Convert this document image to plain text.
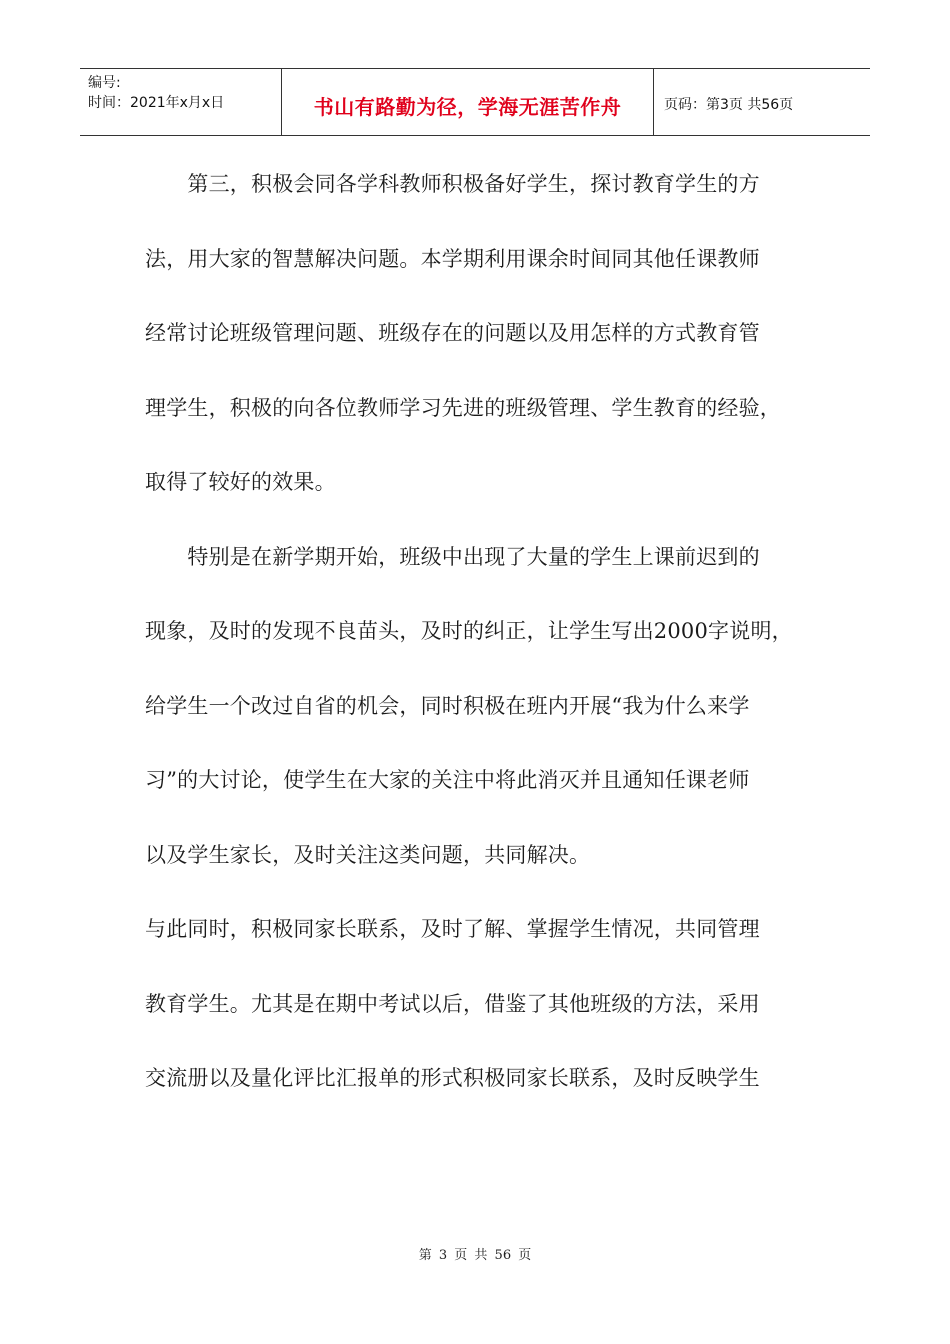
编号:
时间：2021年x月x日	书山有路勤为径，学海无涯苦作舟	页码：第3页 共56页
　　第三，积极会同各学科教师积极备好学生，探讨教育学生的方
法，用大家的智慧解决问题。本学期利用课余时间同其他任课教师
经常讨论班级管理问题、班级存在的问题以及用怎样的方式教育管
理学生，积极的向各位教师学习先进的班级管理、学生教育的经验，
取得了较好的效果。
　　特别是在新学期开始，班级中出现了大量的学生上课前迟到的
现象，及时的发现不良苗头，及时的纠正，让学生写出2000字说明，
给学生一个改过自省的机会，同时积极在班内开展“我为什么来学
习”的大讨论，使学生在大家的关注中将此消灭并且通知任课老师
以及学生家长，及时关注这类问题，共同解决。
与此同时，积极同家长联系，及时了解、掌握学生情况，共同管理
教育学生。尤其是在期中考试以后，借鉴了其他班级的方法，采用
交流册以及量化评比汇报单的形式积极同家长联系，及时反映学生
第 3 页 共 56 页
